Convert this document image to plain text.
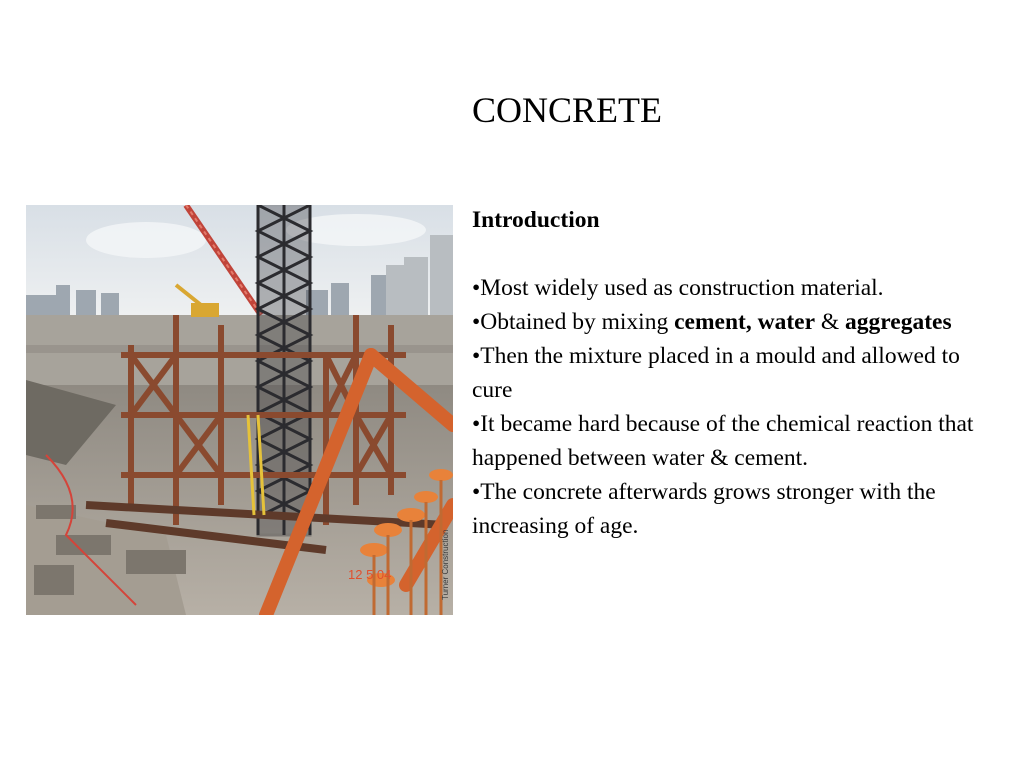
CONCRETE
12 5 04	Turner Construction

Introduction

•Most widely used as construction material.
•Obtained by mixing cement, water & aggregates
•Then the mixture placed in a mould and allowed to cure
•It became hard because of the chemical reaction that happened between water & cement.
•The concrete afterwards grows stronger with the increasing of age.
